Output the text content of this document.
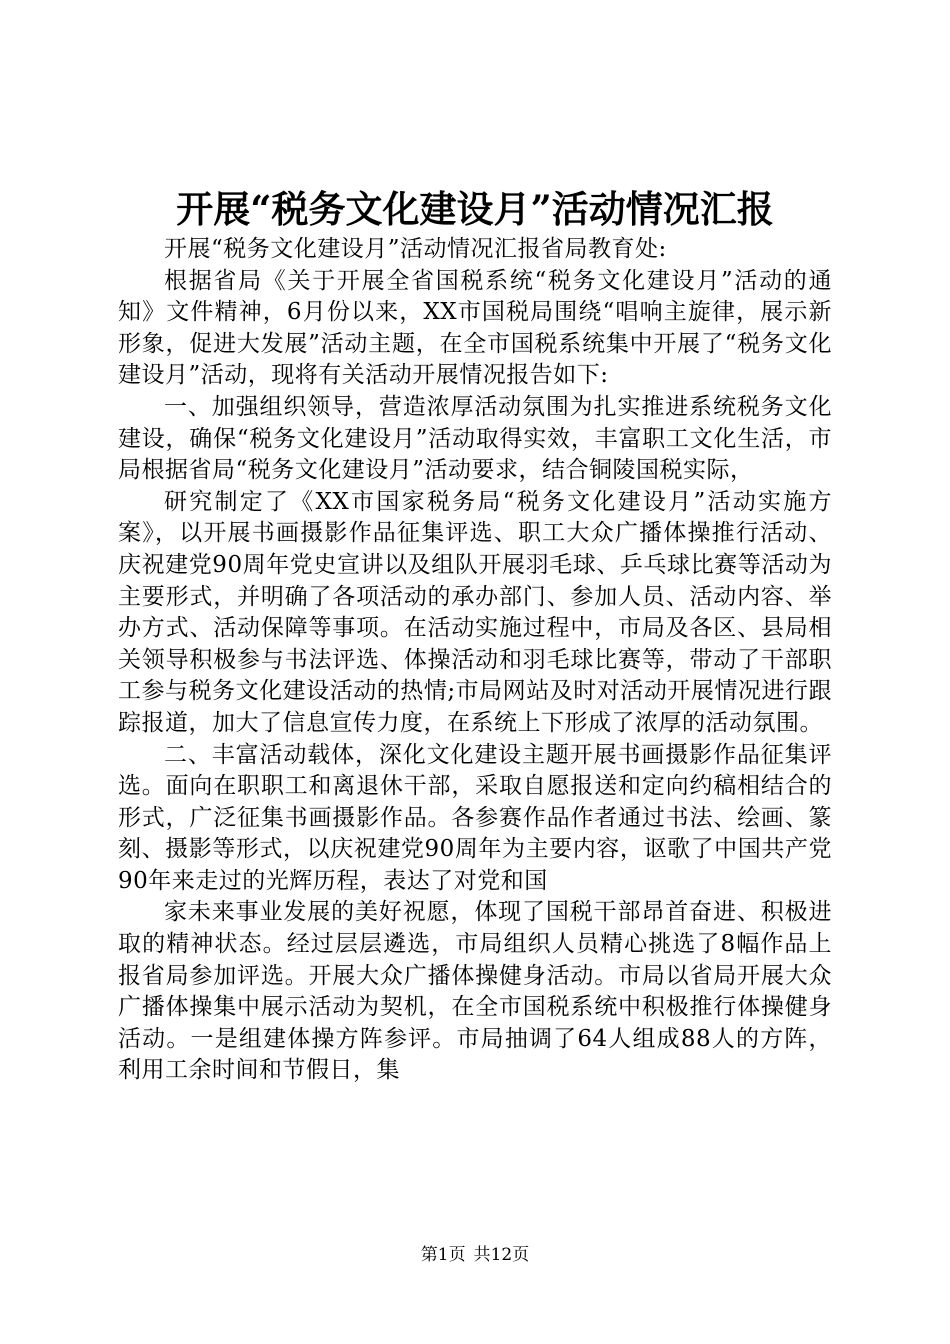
开展“税务文化建设月”活动情况汇报

开展“税务文化建设月”活动情况汇报省局教育处:

根据省局《关于开展全省国税系统“税务文化建设月”活动的通知》文件精神，6月份以来，XX市国税局围绕“唱响主旋律，展示新形象，促进大发展”活动主题，在全市国税系统集中开展了“税务文化建设月”活动，现将有关活动开展情况报告如下:

一、加强组织领导，营造浓厚活动氛围为扎实推进系统税务文化建设，确保“税务文化建设月”活动取得实效，丰富职工文化生活，市局根据省局“税务文化建设月”活动要求，结合铜陵国税实际，

研究制定了《XX市国家税务局“税务文化建设月”活动实施方案》，以开展书画摄影作品征集评选、职工大众广播体操推行活动、庆祝建党90周年党史宣讲以及组队开展羽毛球、乒乓球比赛等活动为主要形式，并明确了各项活动的承办部门、参加人员、活动内容、举办方式、活动保障等事项。在活动实施过程中，市局及各区、县局相关领导积极参与书法评选、体操活动和羽毛球比赛等，带动了干部职工参与税务文化建设活动的热情;市局网站及时对活动开展情况进行跟踪报道，加大了信息宣传力度，在系统上下形成了浓厚的活动氛围。

二、丰富活动载体，深化文化建设主题开展书画摄影作品征集评选。面向在职职工和离退休干部，采取自愿报送和定向约稿相结合的形式，广泛征集书画摄影作品。各参赛作品作者通过书法、绘画、篆刻、摄影等形式，以庆祝建党90周年为主要内容，讴歌了中国共产党90年来走过的光辉历程，表达了对党和国

家未来事业发展的美好祝愿，体现了国税干部昂首奋进、积极进取的精神状态。经过层层遴选，市局组织人员精心挑选了8幅作品上报省局参加评选。开展大众广播体操健身活动。市局以省局开展大众广播体操集中展示活动为契机，在全市国税系统中积极推行体操健身活动。一是组建体操方阵参评。市局抽调了64人组成88人的方阵，利用工余时间和节假日，集

第1页 共12页
